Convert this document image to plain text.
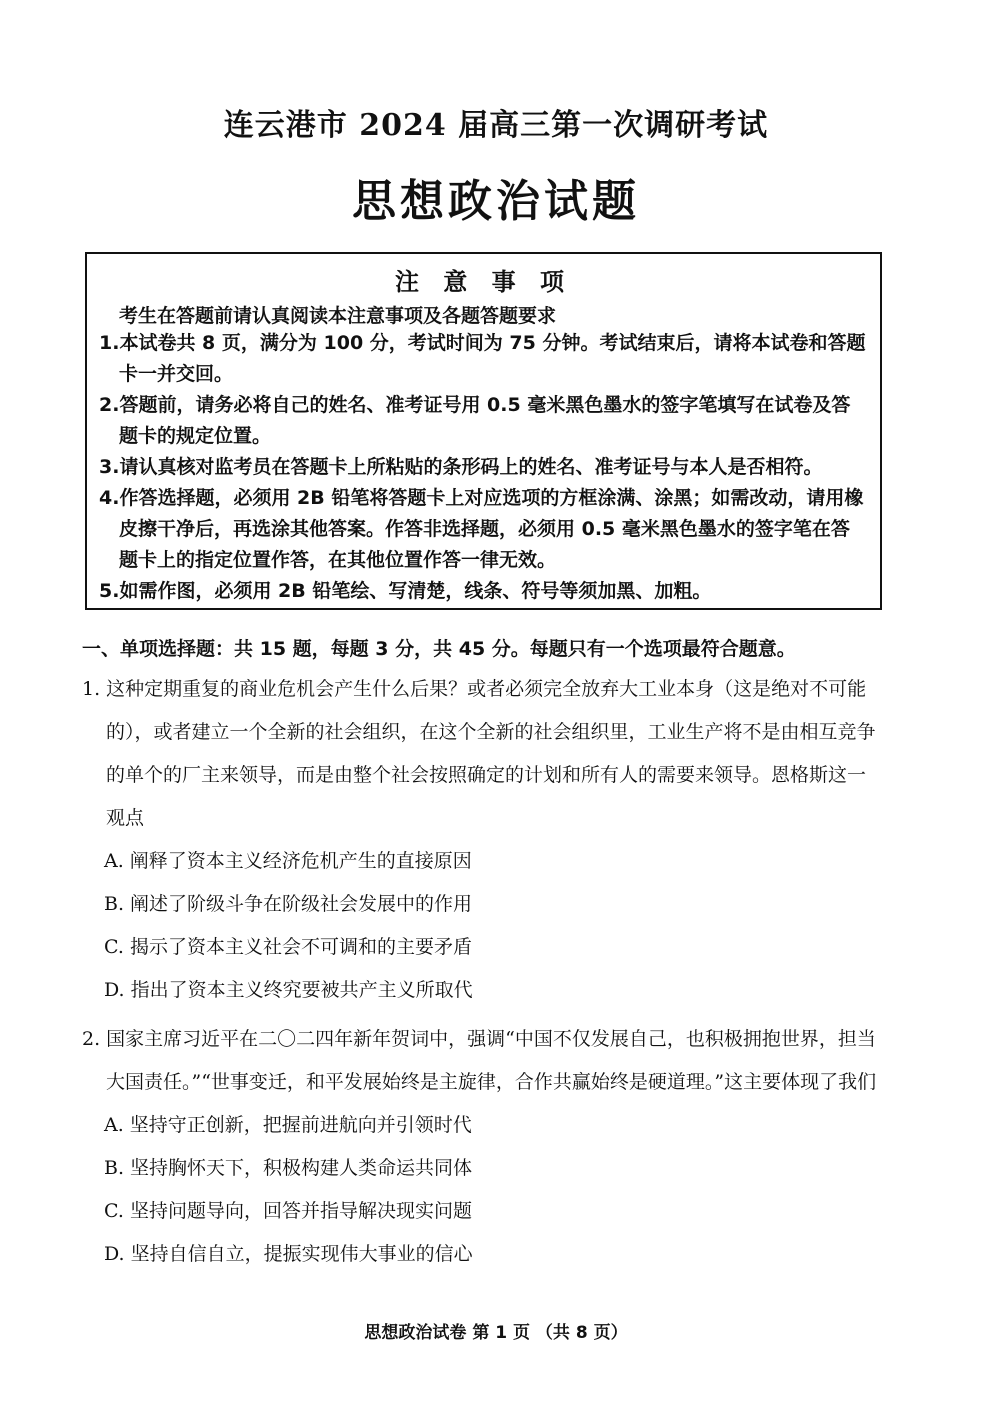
连云港市 2024 届高三第一次调研考试
思想政治试题
注 意 事 项
考生在答题前请认真阅读本注意事项及各题答题要求
1.本试卷共 8 页，满分为 100 分，考试时间为 75 分钟。考试结束后，请将本试卷和答题卡一并交回。
2.答题前，请务必将自己的姓名、准考证号用 0.5 毫米黑色墨水的签字笔填写在试卷及答题卡的规定位置。
3.请认真核对监考员在答题卡上所粘贴的条形码上的姓名、准考证号与本人是否相符。
4.作答选择题，必须用 2B 铅笔将答题卡上对应选项的方框涂满、涂黑；如需改动，请用橡皮擦干净后，再选涂其他答案。作答非选择题，必须用 0.5 毫米黑色墨水的签字笔在答题卡上的指定位置作答，在其他位置作答一律无效。
5.如需作图，必须用 2B 铅笔绘、写清楚，线条、符号等须加黑、加粗。
一、单项选择题：共 15 题，每题 3 分，共 45 分。每题只有一个选项最符合题意。
1. 这种定期重复的商业危机会产生什么后果？或者必须完全放弃大工业本身（这是绝对不可能的），或者建立一个全新的社会组织，在这个全新的社会组织里，工业生产将不是由相互竞争的单个的厂主来领导，而是由整个社会按照确定的计划和所有人的需要来领导。恩格斯这一观点
A. 阐释了资本主义经济危机产生的直接原因
B. 阐述了阶级斗争在阶级社会发展中的作用
C. 揭示了资本主义社会不可调和的主要矛盾
D. 指出了资本主义终究要被共产主义所取代
2. 国家主席习近平在二〇二四年新年贺词中，强调“中国不仅发展自己，也积极拥抱世界，担当大国责任。”“世事变迁，和平发展始终是主旋律，合作共赢始终是硬道理。”这主要体现了我们
A. 坚持守正创新，把握前进航向并引领时代
B. 坚持胸怀天下，积极构建人类命运共同体
C. 坚持问题导向，回答并指导解决现实问题
D. 坚持自信自立，提振实现伟大事业的信心
思想政治试卷 第 1 页 （共 8 页）
